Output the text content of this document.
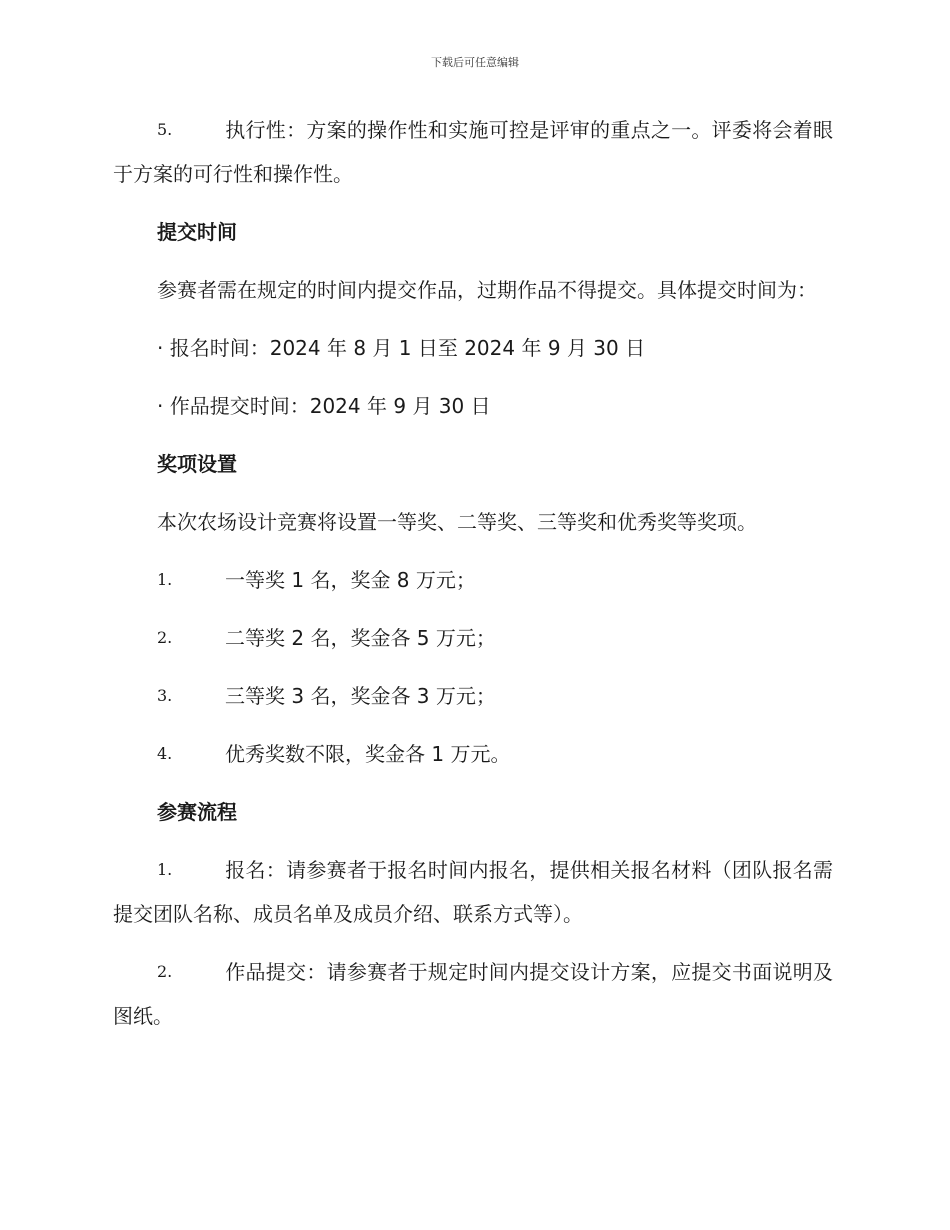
下载后可任意编辑
5.	执行性：方案的操作性和实施可控是评审的重点之一。评委将会着眼于方案的可行性和操作性。
提交时间
参赛者需在规定的时间内提交作品，过期作品不得提交。具体提交时间为：
· 报名时间：2024 年 8 月 1 日至 2024 年 9 月 30 日
· 作品提交时间：2024 年 9 月 30 日
奖项设置
本次农场设计竞赛将设置一等奖、二等奖、三等奖和优秀奖等奖项。
1.	一等奖 1 名，奖金 8 万元；
2.	二等奖 2 名，奖金各 5 万元；
3.	三等奖 3 名，奖金各 3 万元；
4.	优秀奖数不限，奖金各 1 万元。
参赛流程
1.	报名：请参赛者于报名时间内报名，提供相关报名材料（团队报名需提交团队名称、成员名单及成员介绍、联系方式等）。
2.	作品提交：请参赛者于规定时间内提交设计方案，应提交书面说明及图纸。
